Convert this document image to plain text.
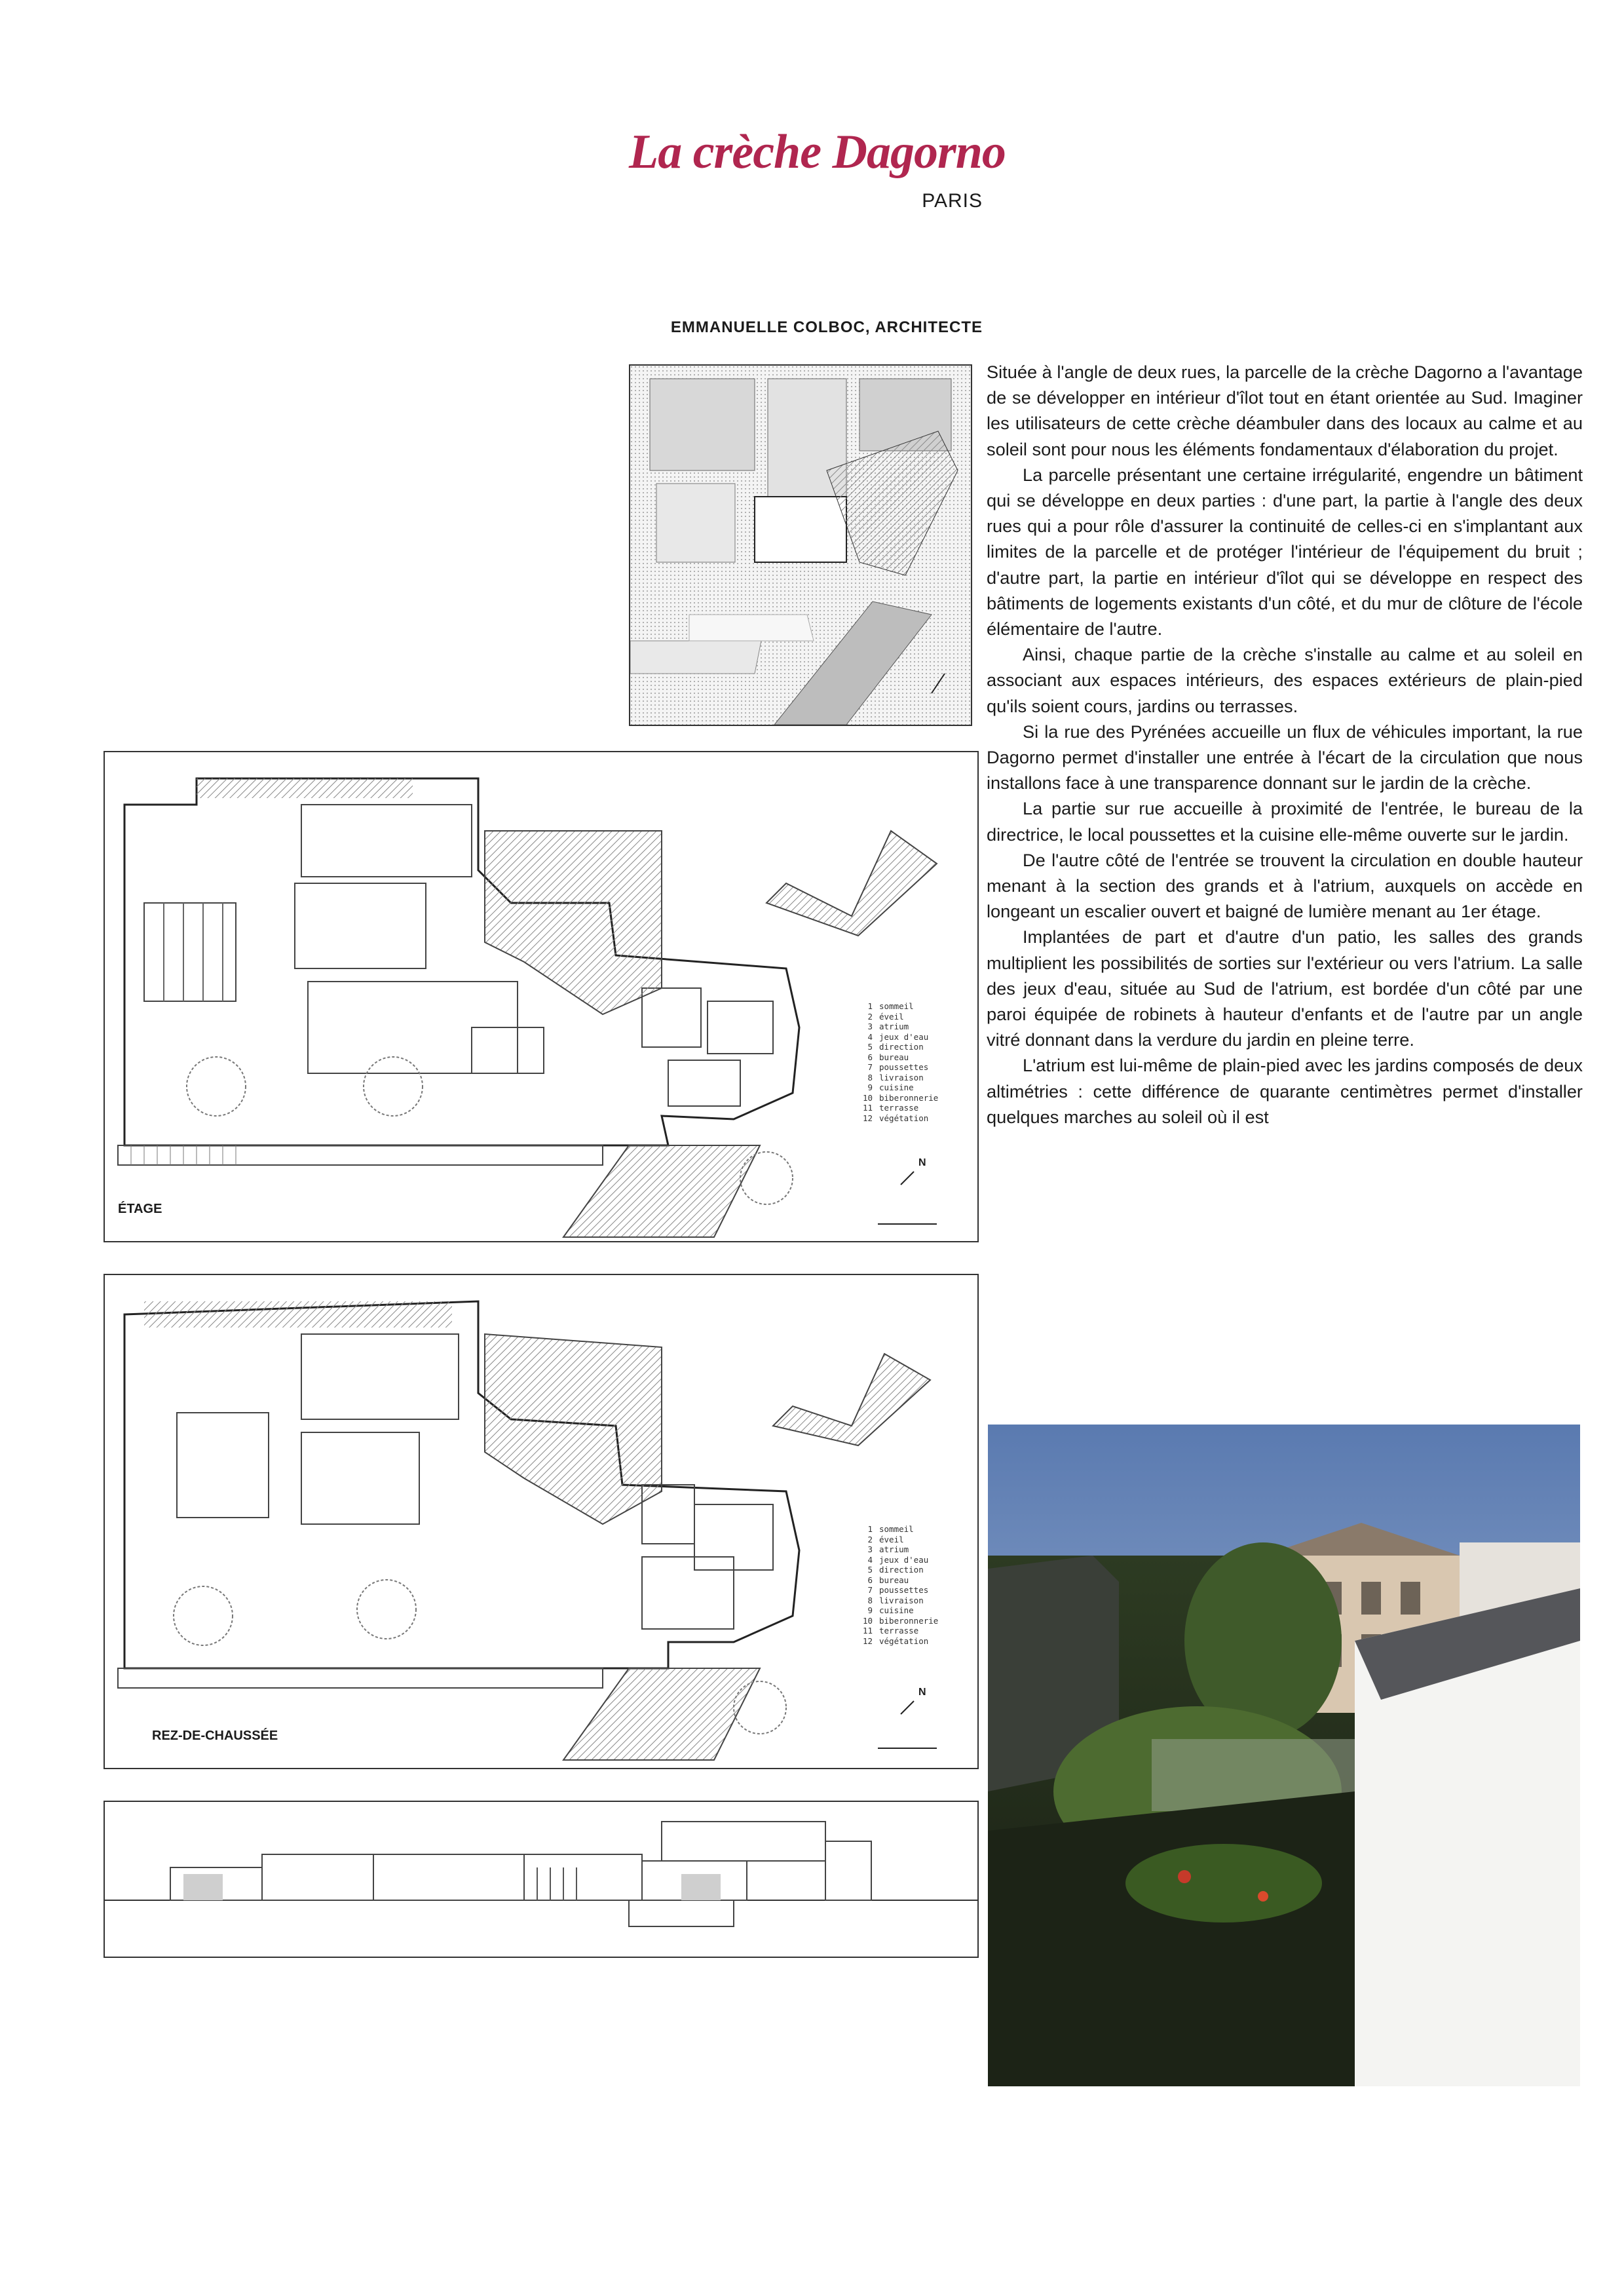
La crèche Dagorno
PARIS
EMMANUELLE COLBOC, ARCHITECTE

Située à l'angle de deux rues, la parcelle de la crèche Dagorno a l'avantage de se développer en intérieur d'îlot tout en étant orientée au Sud. Imaginer les utilisateurs de cette crèche déambuler dans des locaux au calme et au soleil sont pour nous les éléments fondamentaux d'élaboration du projet.

La parcelle présentant une certaine irrégularité, engendre un bâtiment qui se développe en deux parties : d'une part, la partie à l'angle des deux rues qui a pour rôle d'assurer la continuité de celles-ci en s'implantant aux limites de la parcelle et de protéger l'intérieur de l'équipement du bruit ; d'autre part, la partie en intérieur d'îlot qui se développe en respect des bâtiments de logements existants d'un côté, et du mur de clôture de l'école élémentaire de l'autre.

Ainsi, chaque partie de la crèche s'installe au calme et au soleil en associant aux espaces intérieurs, des espaces extérieurs de plain-pied qu'ils soient cours, jardins ou terrasses.

Si la rue des Pyrénées accueille un flux de véhicules important, la rue Dagorno permet d'installer une entrée à l'écart de la circulation que nous installons face à une transparence donnant sur le jardin de la crèche.

La partie sur rue accueille à proximité de l'entrée, le bureau de la directrice, le local poussettes et la cuisine elle-même ouverte sur le jardin.

De l'autre côté de l'entrée se trouvent la circulation en double hauteur menant à la section des grands et à l'atrium, auxquels on accède en longeant un escalier ouvert et baigné de lumière menant au 1er étage.

Implantées de part et d'autre d'un patio, les salles des grands multiplient les possibilités de sorties sur l'extérieur ou vers l'atrium. La salle des jeux d'eau, située au Sud de l'atrium, est bordée d'un côté par une paroi équipée de robinets à hauteur d'enfants et de l'autre par un angle vitré donnant dans la verdure du jardin en pleine terre.

L'atrium est lui-même de plain-pied avec les jardins composés de deux altimétries : cette différence de quarante centimètres permet d'installer quelques marches au soleil où il est

ÉTAGE
N
1 sommeil
2 éveil
3 atrium
4 jeux d'eau
5 direction
6 bureau
7 poussettes
8 livraison
9 cuisine
10 biberonnerie
11 terrasse
12 végétation
REZ-DE-CHAUSSÉE
N
1 sommeil
2 éveil
3 atrium
4 jeux d'eau
5 direction
6 bureau
7 poussettes
8 livraison
9 cuisine
10 biberonnerie
11 terrasse
12 végétation
